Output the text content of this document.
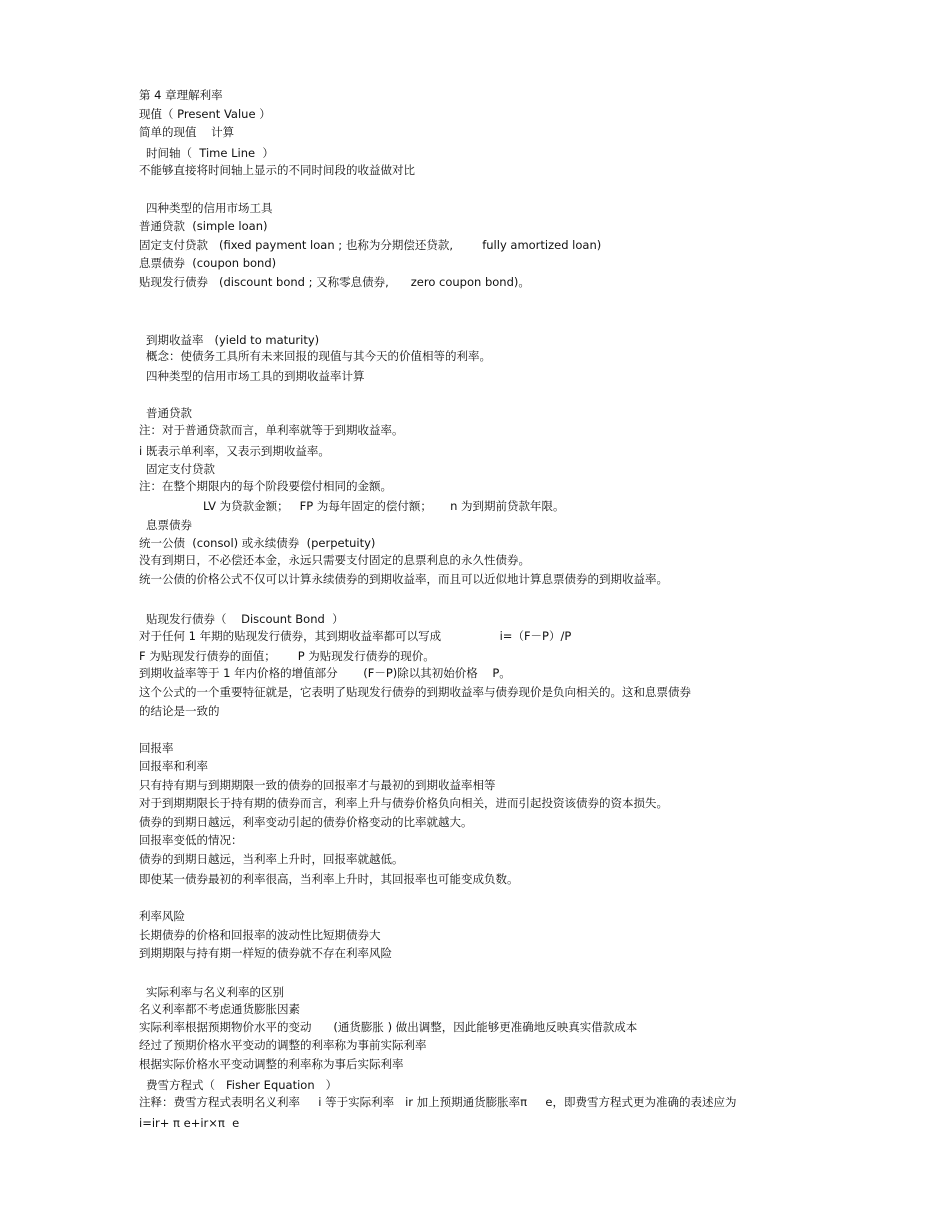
第 4 章理解利率
现值（ Present Value ）
简单的现值    计算
时间轴（  Time Line  ）
不能够直接将时间轴上显示的不同时间段的收益做对比
四种类型的信用市场工具
普通贷款  (simple loan)
固定支付贷款   (fixed payment loan ; 也称为分期偿还贷款,        fully amortized loan)
息票债券  (coupon bond)
贴现发行债券   (discount bond ; 又称零息债券,      zero coupon bond)。
到期收益率   (yield to maturity)
概念：使债务工具所有未来回报的现值与其今天的价值相等的利率。
四种类型的信用市场工具的到期收益率计算
普通贷款
注：对于普通贷款而言，单利率就等于到期收益率。
i 既表示单利率，又表示到期收益率。
固定支付贷款
注：在整个期限内的每个阶段要偿付相同的金额。
LV 为贷款金额；   FP 为每年固定的偿付额；     n 为到期前贷款年限。
息票债券
统一公债  (consol) 或永续债券  (perpetuity)
没有到期日，不必偿还本金，永远只需要支付固定的息票利息的永久性债券。
统一公债的价格公式不仅可以计算永续债券的到期收益率，而且可以近似地计算息票债券的到期收益率。
贴现发行债券（    Discount Bond  ）
对于任何 1 年期的贴现发行债券，其到期收益率都可以写成                i=（F－P）/P
F 为贴现发行债券的面值；      P 为贴现发行债券的现价。
到期收益率等于 1 年内价格的增值部分       (F－P)除以其初始价格    P。
这个公式的一个重要特征就是，它表明了贴现发行债券的到期收益率与债券现价是负向相关的。这和息票债券
的结论是一致的
回报率
回报率和利率
只有持有期与到期期限一致的债券的回报率才与最初的到期收益率相等
对于到期期限长于持有期的债券而言，利率上升与债券价格负向相关，进而引起投资该债券的资本损失。
债券的到期日越远，利率变动引起的债券价格变动的比率就越大。
回报率变低的情况：
债券的到期日越远，当利率上升时，回报率就越低。
即使某一债券最初的利率很高，当利率上升时，其回报率也可能变成负数。
利率风险
长期债券的价格和回报率的波动性比短期债券大
到期期限与持有期一样短的债券就不存在利率风险
实际利率与名义利率的区别
名义利率都不考虑通货膨胀因素
实际利率根据预期物价水平的变动      (通货膨胀 ) 做出调整，因此能够更准确地反映真实借款成本
经过了预期价格水平变动的调整的利率称为事前实际利率
根据实际价格水平变动调整的利率称为事后实际利率
费雪方程式（   Fisher Equation   ）
注释：费雪方程式表明名义利率     i 等于实际利率   ir 加上预期通货膨胀率π     e，即费雪方程式更为准确的表述应为
i=ir+ π e+ir×π  e
